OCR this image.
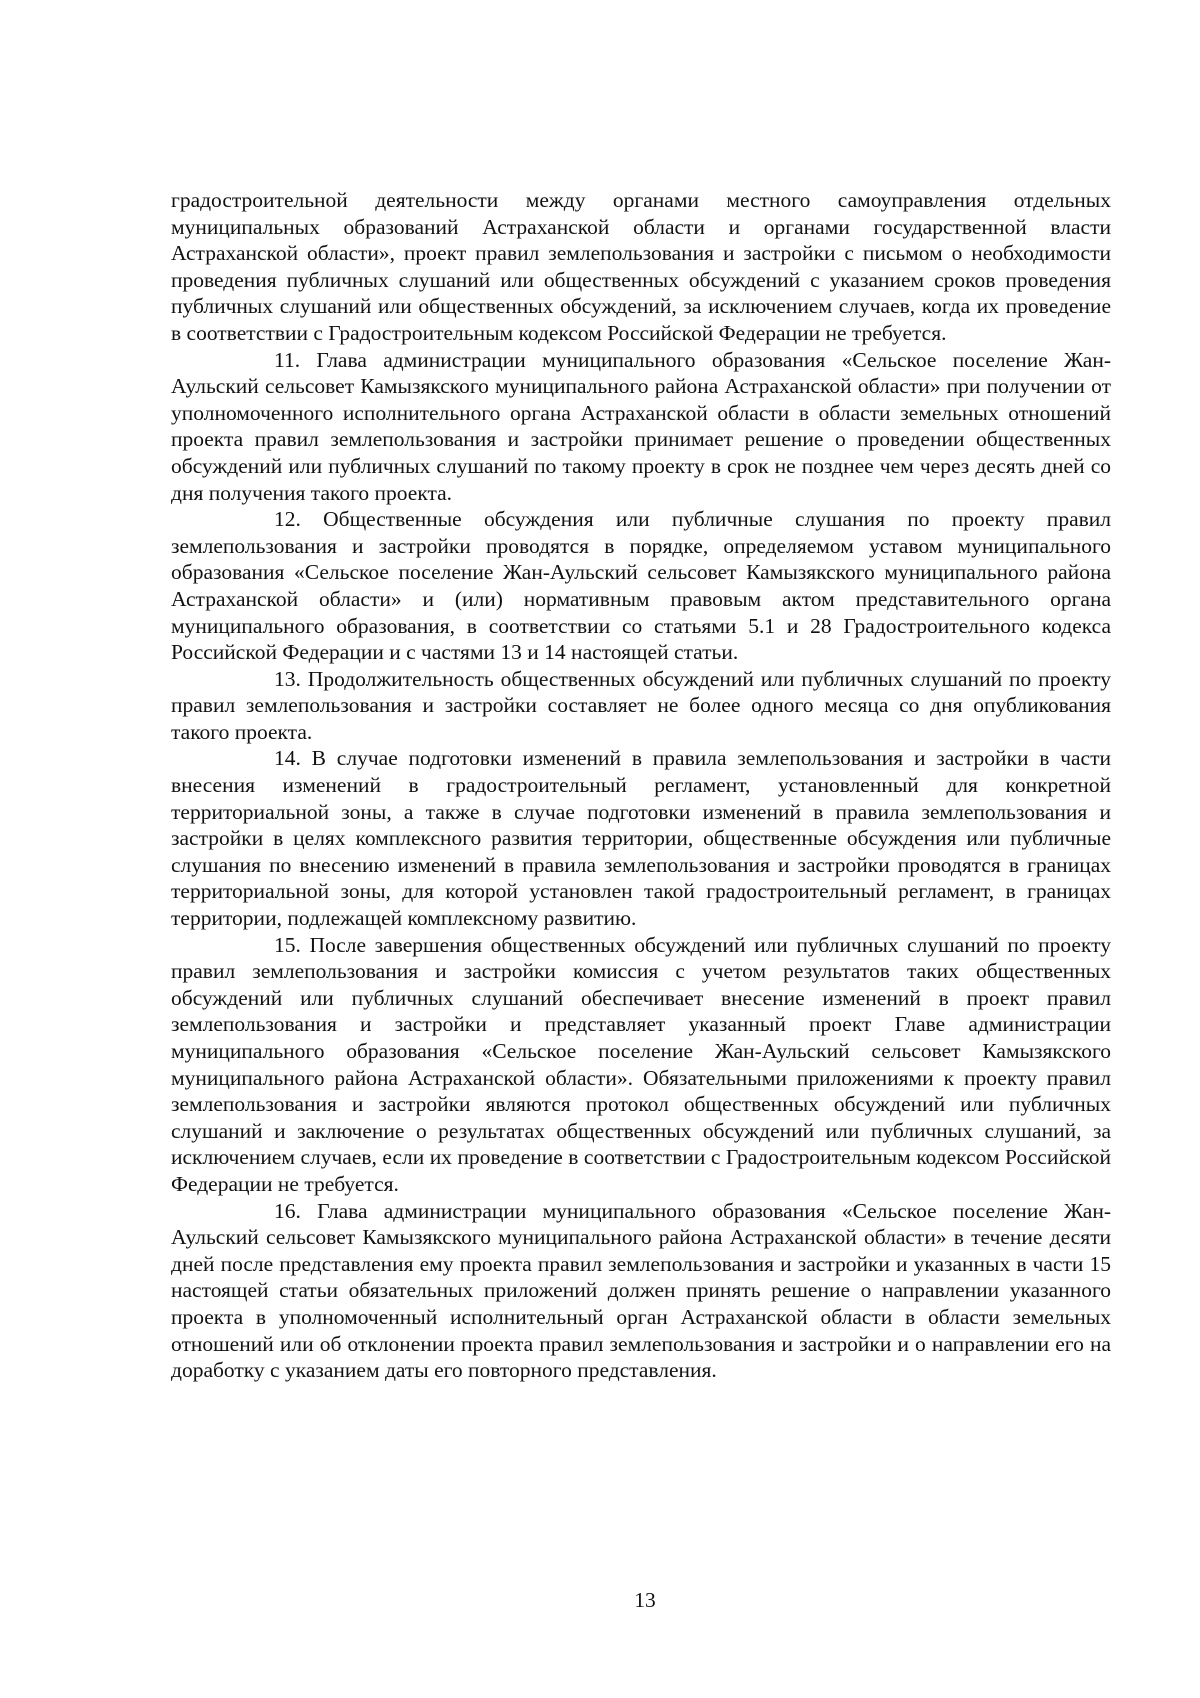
градостроительной деятельности между органами местного самоуправления отдельных муниципальных образований Астраханской области и органами государственной власти Астраханской области», проект правил землепользования и застройки с письмом о необходимости проведения публичных слушаний или общественных обсуждений с указанием сроков проведения публичных слушаний или общественных обсуждений, за исключением случаев, когда их проведение в соответствии с Градостроительным кодексом Российской Федерации не требуется.

11. Глава администрации муниципального образования «Сельское поселение Жан-Аульский сельсовет Камызякского муниципального района Астраханской области» при получении от уполномоченного исполнительного органа Астраханской области в области земельных отношений проекта правил землепользования и застройки принимает решение о проведении общественных обсуждений или публичных слушаний по такому проекту в срок не позднее чем через десять дней со дня получения такого проекта.

12. Общественные обсуждения или публичные слушания по проекту правил землепользования и застройки проводятся в порядке, определяемом уставом муниципального образования «Сельское поселение Жан-Аульский сельсовет Камызякского муниципального района Астраханской области» и (или) нормативным правовым актом представительного органа муниципального образования, в соответствии со статьями 5.1 и 28 Градостроительного кодекса Российской Федерации и с частями 13 и 14 настоящей статьи.

13. Продолжительность общественных обсуждений или публичных слушаний по проекту правил землепользования и застройки составляет не более одного месяца со дня опубликования такого проекта.

14. В случае подготовки изменений в правила землепользования и застройки в части внесения изменений в градостроительный регламент, установленный для конкретной территориальной зоны, а также в случае подготовки изменений в правила землепользования и застройки в целях комплексного развития территории, общественные обсуждения или публичные слушания по внесению изменений в правила землепользования и застройки проводятся в границах территориальной зоны, для которой установлен такой градостроительный регламент, в границах территории, подлежащей комплексному развитию.

15. После завершения общественных обсуждений или публичных слушаний по проекту правил землепользования и застройки комиссия с учетом результатов таких общественных обсуждений или публичных слушаний обеспечивает внесение изменений в проект правил землепользования и застройки и представляет указанный проект Главе администрации муниципального образования «Сельское поселение Жан-Аульский сельсовет Камызякского муниципального района Астраханской области». Обязательными приложениями к проекту правил землепользования и застройки являются протокол общественных обсуждений или публичных слушаний и заключение о результатах общественных обсуждений или публичных слушаний, за исключением случаев, если их проведение в соответствии с Градостроительным кодексом Российской Федерации не требуется.

16. Глава администрации муниципального образования «Сельское поселение Жан-Аульский сельсовет Камызякского муниципального района Астраханской области» в течение десяти дней после представления ему проекта правил землепользования и застройки и указанных в части 15 настоящей статьи обязательных приложений должен принять решение о направлении указанного проекта в уполномоченный исполнительный орган Астраханской области в области земельных отношений или об отклонении проекта правил землепользования и застройки и о направлении его на доработку с указанием даты его повторного представления.

13
